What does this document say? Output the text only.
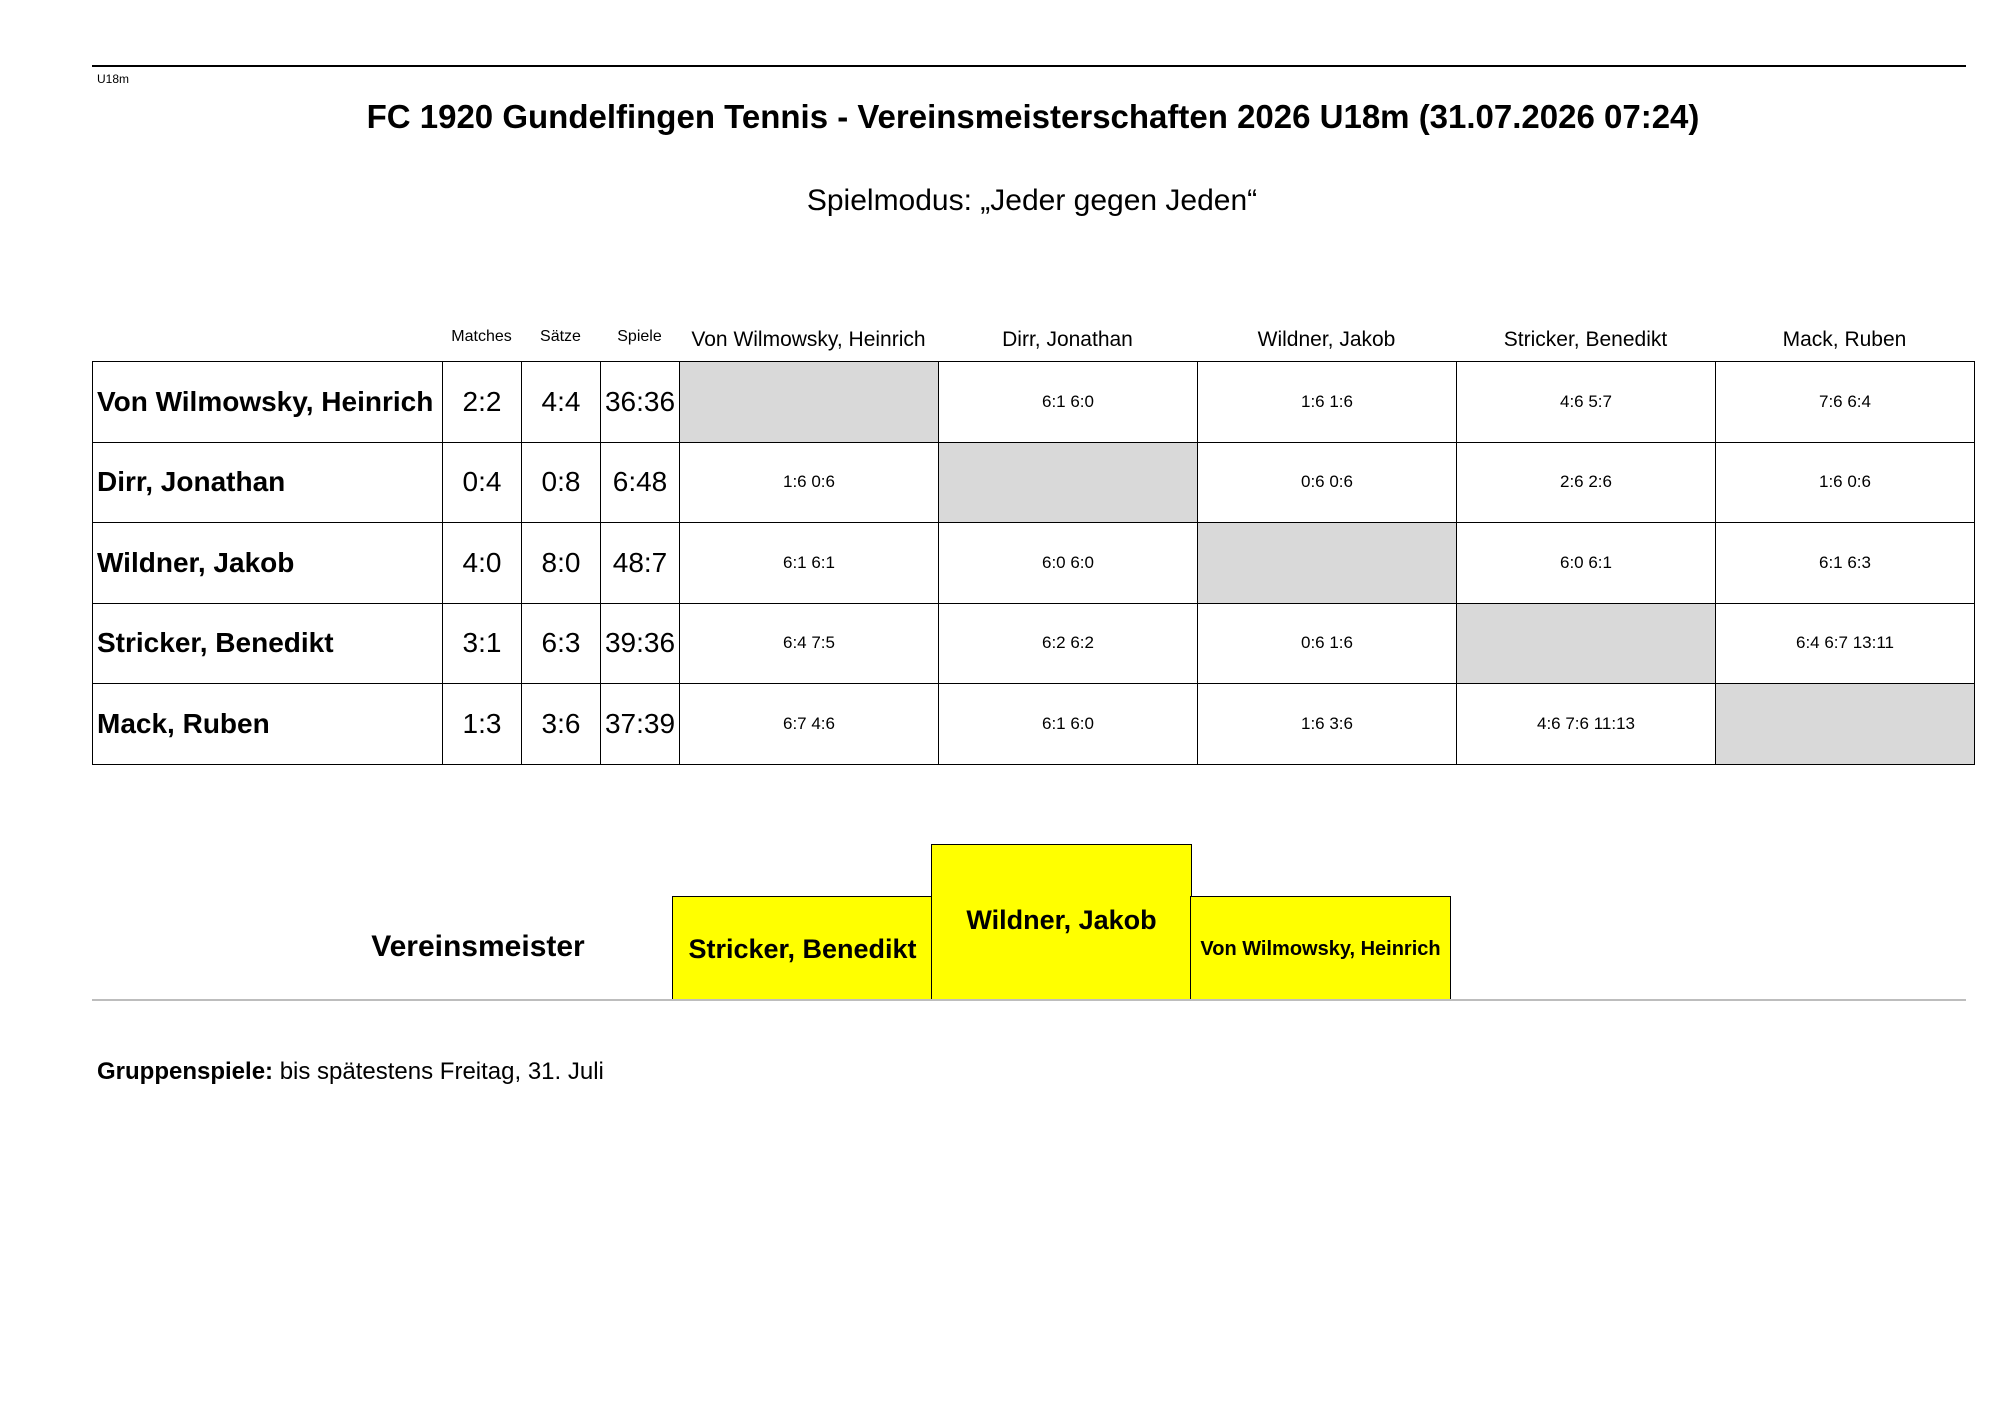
U18m
FC 1920 Gundelfingen Tennis - Vereinsmeisterschaften 2026 U18m (31.07.2026 07:24)
Spielmodus: „Jeder gegen Jeden“
Matches	Sätze	Spiele	Von Wilmowsky, Heinrich	Dirr, Jonathan	Wildner, Jakob	Stricker, Benedikt	Mack, Ruben
Von Wilmowsky, Heinrich	2:2	4:4	36:36		6:1 6:0	1:6 1:6	4:6 5:7	7:6 6:4
Dirr, Jonathan	0:4	0:8	6:48	1:6 0:6		0:6 0:6	2:6 2:6	1:6 0:6
Wildner, Jakob	4:0	8:0	48:7	6:1 6:1	6:0 6:0		6:0 6:1	6:1 6:3
Stricker, Benedikt	3:1	6:3	39:36	6:4 7:5	6:2 6:2	0:6 1:6		6:4 6:7 13:11
Mack, Ruben	1:3	3:6	37:39	6:7 4:6	6:1 6:0	1:6 3:6	4:6 7:6 11:13	
Vereinsmeister	Stricker, Benedikt
Wildner, Jakob
Von Wilmowsky, Heinrich
Gruppenspiele: bis spätestens Freitag, 31. Juli
